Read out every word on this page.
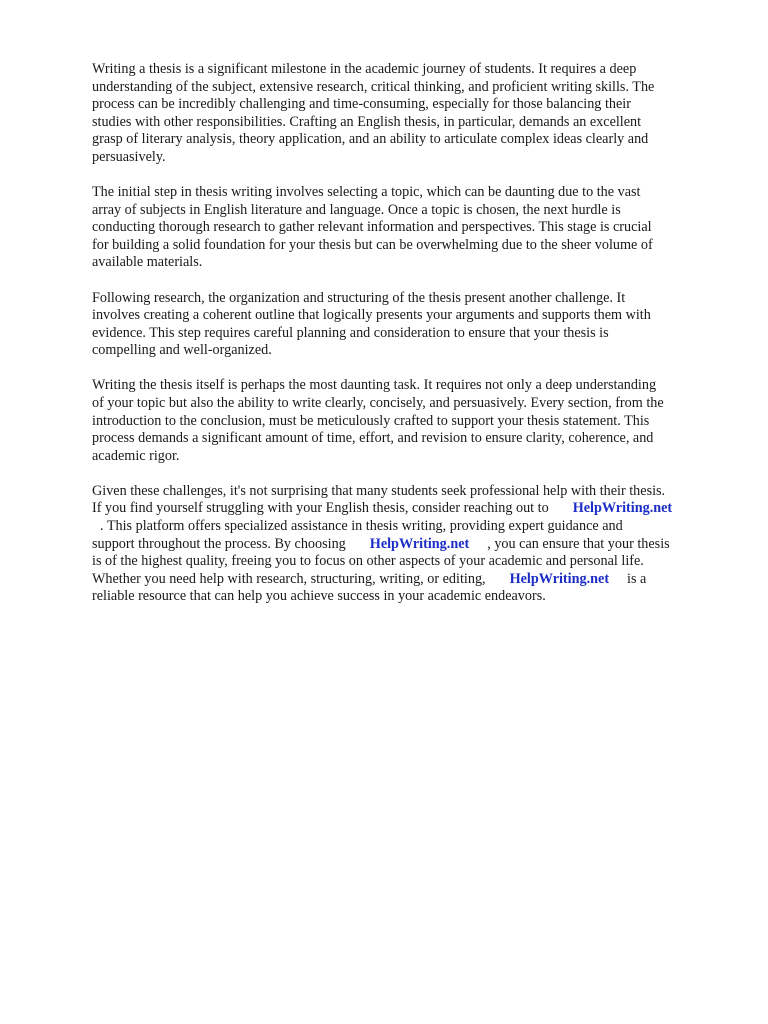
Writing a thesis is a significant milestone in the academic journey of students. It requires a deep
understanding of the subject, extensive research, critical thinking, and proficient writing skills. The
process can be incredibly challenging and time-consuming, especially for those balancing their
studies with other responsibilities. Crafting an English thesis, in particular, demands an excellent
grasp of literary analysis, theory application, and an ability to articulate complex ideas clearly and
persuasively.

The initial step in thesis writing involves selecting a topic, which can be daunting due to the vast
array of subjects in English literature and language. Once a topic is chosen, the next hurdle is
conducting thorough research to gather relevant information and perspectives. This stage is crucial
for building a solid foundation for your thesis but can be overwhelming due to the sheer volume of
available materials.

Following research, the organization and structuring of the thesis present another challenge. It
involves creating a coherent outline that logically presents your arguments and supports them with
evidence. This step requires careful planning and consideration to ensure that your thesis is
compelling and well-organized.

Writing the thesis itself is perhaps the most daunting task. It requires not only a deep understanding
of your topic but also the ability to write clearly, concisely, and persuasively. Every section, from the
introduction to the conclusion, must be meticulously crafted to support your thesis statement. This
process demands a significant amount of time, effort, and revision to ensure clarity, coherence, and
academic rigor.

Given these challenges, it's not surprising that many students seek professional help with their thesis.
If you find yourself struggling with your English thesis, consider reaching out to HelpWriting.net
. This platform offers specialized assistance in thesis writing, providing expert guidance and
support throughout the process. By choosing HelpWriting.net , you can ensure that your thesis
is of the highest quality, freeing you to focus on other aspects of your academic and personal life.
Whether you need help with research, structuring, writing, or editing, HelpWriting.net is a
reliable resource that can help you achieve success in your academic endeavors.
